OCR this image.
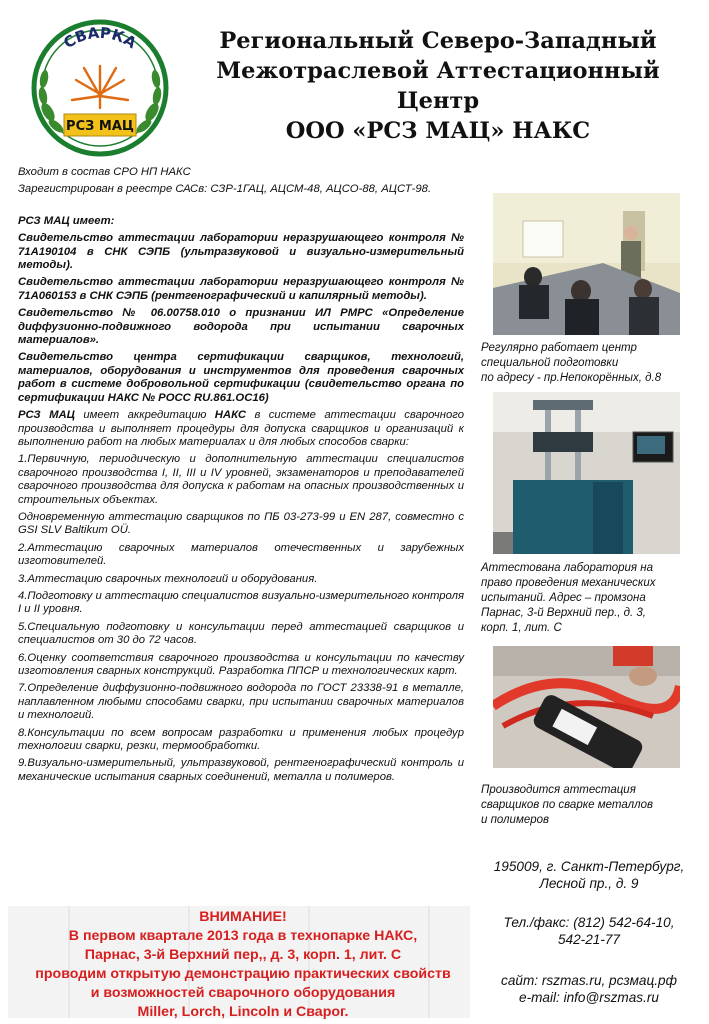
РСЗ МАЦ
СВАРКА	Региональный Северо-Западный
Межотраслевой Аттестационный
Центр
ООО «РСЗ МАЦ» НАКС

Входит в состав СРО НП НАКС

Зарегистрирован в реестре САСв: СЗР-1ГАЦ, АЦСМ-48, АЦСО-88, АЦСТ-98.

РСЗ МАЦ имеет:

Свидетельство аттестации лаборатории неразрушающего контроля № 71А190104 в СНК СЭПБ (ультразвуковой и визуально-измерительный методы).

Свидетельство аттестации лаборатории неразрушающего контроля № 71А060153 в СНК СЭПБ (рентгенографический и капилярный методы).

Свидетельство № 06.00758.010 о признании ИЛ РМРС «Определение диффузионно-подвижного водорода при испытании сварочных материалов».

Свидетельство центра сертификации сварщиков, технологий, материалов, оборудования и инструментов для проведения сварочных работ в системе добровольной сертификации (свидетельство органа по сертификации НАКС № РОСС RU.861.ОС16)

РСЗ МАЦ имеет аккредитацию НАКС в системе аттестации сварочного производства и выполняет процедуры для допуска сварщиков и организаций к выполнению работ на любых материалах и для любых способов сварки:

1.Первичную, периодическую и дополнительную аттестации специалистов сварочного производства I, II, III и IV уровней, экзаменаторов и преподавателей сварочного производства для допуска к работам на опасных производственных и строительных объектах.

Одновременную аттестацию сварщиков по ПБ 03-273-99 и EN 287, совместно с GSI SLV Baltikum OÜ.

2.Аттестацию сварочных материалов отечественных и зарубежных изготовителей.

3.Аттестацию сварочных технологий и оборудования.

4.Подготовку и аттестацию специалистов визуально-измерительного контроля I и II уровня.

5.Специальную подготовку и консультации перед аттестацией сварщиков и специалистов от 30 до 72 часов.

6.Оценку соответствия сварочного производства и консультации по качеству изготовления сварных конструкций. Разработка ППСР и технологических карт.

7.Определение диффузионно-подвижного водорода по ГОСТ 23338-91 в металле, наплавленном любыми способами сварки, при испытании сварочных материалов и технологий.

8.Консультации по всем вопросам разработки и применения любых процедур технологии сварки, резки, термообработки.

9.Визуально-измерительный, ультразвуковой, рентгенографический контроль и механические испытания сварных соединений, металла и полимеров.

Регулярно работает центр
специальной подготовки
по адресу - пр.Непокорённых, д.8
Аттестована лаборатория на
право проведения механических
испытаний. Адрес – промзона
Парнас, 3-й Верхний пер., д. 3,
корп. 1, лит. С
Производится аттестация
сварщиков по сварке металлов
и полимеров
195009, г. Санкт-Петербург,
Лесной пр., д. 9
Тел./факс: (812) 542-64-10,
542-21-77
сайт: rszmas.ru, рсзмац.рф
e-mail: info@rszmas.ru
ВНИМАНИЕ!
В первом квартале 2013 года в технопарке НАКС,
Парнас, 3-й Верхний пер,, д. 3, корп. 1, лит. С
проводим открытую демонстрацию практических свойств
и возможностей сварочного оборудования
Miller, Lorch, Lincoln и Сварог.
